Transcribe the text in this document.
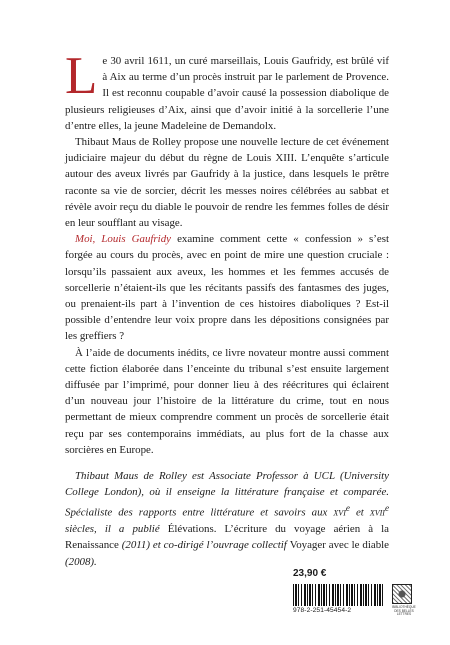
Le 30 avril 1611, un curé marseillais, Louis Gaufridy, est brûlé vif à Aix au terme d’un procès instruit par le parlement de Provence. Il est reconnu coupable d’avoir causé la possession diabolique de plusieurs religieuses d’Aix, ainsi que d’avoir initié à la sorcellerie l’une d’entre elles, la jeune Madeleine de Demandolx.

Thibaut Maus de Rolley propose une nouvelle lecture de cet événement judiciaire majeur du début du règne de Louis XIII. L’enquête s’articule autour des aveux livrés par Gaufridy à la justice, dans lesquels le prêtre raconte sa vie de sorcier, décrit les messes noires célébrées au sabbat et révèle avoir reçu du diable le pouvoir de rendre les femmes folles de désir en leur soufflant au visage.

Moi, Louis Gaufridy examine comment cette « confession » s’est forgée au cours du procès, avec en point de mire une question cruciale : lorsqu’ils passaient aux aveux, les hommes et les femmes accusés de sorcellerie n’étaient-ils que les récitants passifs des fantasmes des juges, ou prenaient-ils part à l’invention de ces histoires diaboliques ? Est-il possible d’entendre leur voix propre dans les dépositions consignées par les greffiers ?

À l’aide de documents inédits, ce livre novateur montre aussi comment cette fiction élaborée dans l’enceinte du tribunal s’est ensuite largement diffusée par l’imprimé, pour donner lieu à des réécritures qui éclairent d’un nouveau jour l’histoire de la littérature du crime, tout en nous permettant de mieux comprendre comment un procès de sorcellerie était reçu par ses contemporains immédiats, au plus fort de la chasse aux sorcières en Europe.

Thibaut Maus de Rolley est Associate Professor à UCL (University College London), où il enseigne la littérature française et comparée. Spécialiste des rapports entre littérature et savoirs aux xvi$^e$ et xvii$^e$ siècles, il a publié Élévations. L’écriture du voyage aérien à la Renaissance (2011) et co-dirigé l’ouvrage collectif Voyager avec le diable (2008).

23,90 €
978-2-251-45454-2	BIBLIOTHÈQUE DES BELLES LETTRES
